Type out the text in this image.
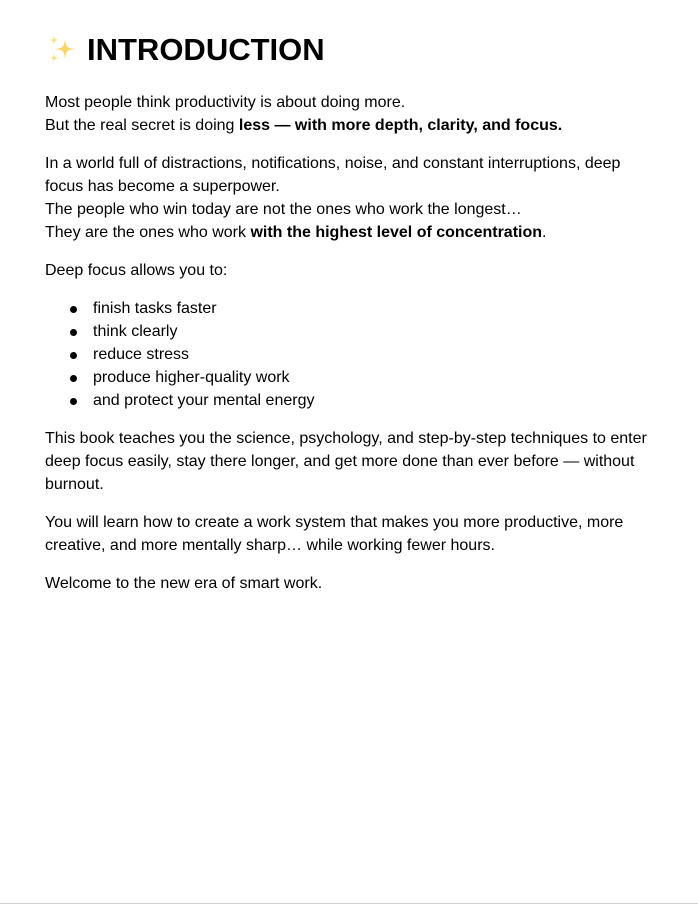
INTRODUCTION

Most people think productivity is about doing more.

But the real secret is doing less — with more depth, clarity, and focus.

In a world full of distractions, notifications, noise, and constant interruptions, deep focus has become a superpower.

The people who win today are not the ones who work the longest…

They are the ones who work with the highest level of concentration.

Deep focus allows you to:

finish tasks faster
think clearly
reduce stress
produce higher-quality work
and protect your mental energy

This book teaches you the science, psychology, and step-by-step techniques to enter deep focus easily, stay there longer, and get more done than ever before — without burnout.

You will learn how to create a work system that makes you more productive, more creative, and more mentally sharp… while working fewer hours.

Welcome to the new era of smart work.
